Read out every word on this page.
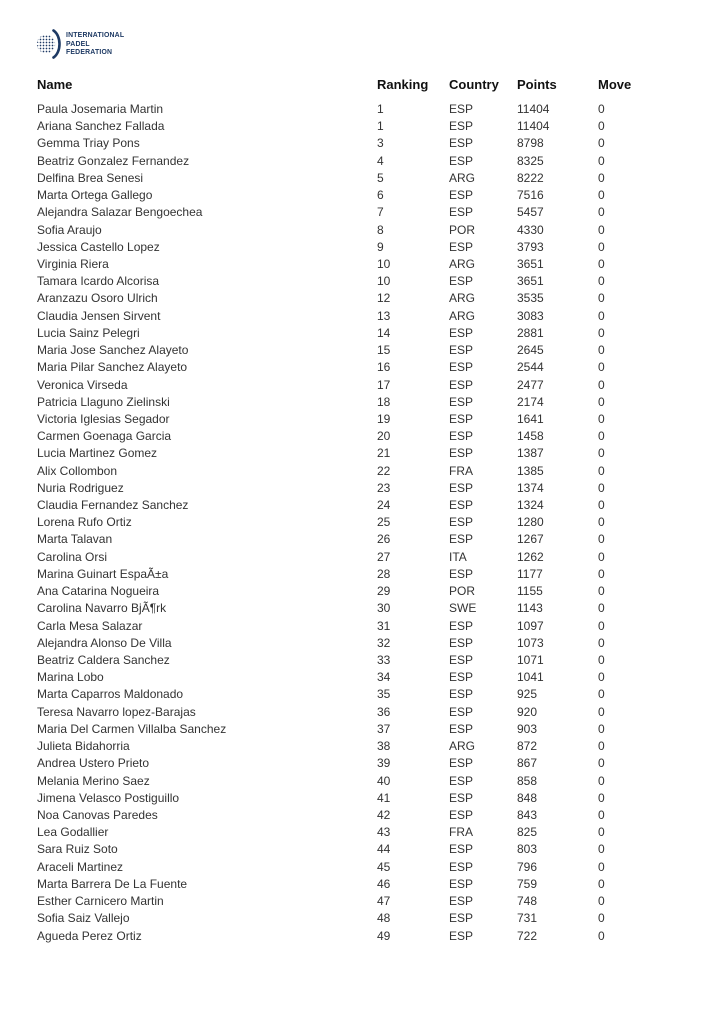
INTERNATIONAL
PADEL
FEDERATION
Name	Ranking	Country	Points	Move
Paula Josemaria Martin	1	ESP	11404	0
Ariana Sanchez Fallada	1	ESP	11404	0
Gemma Triay Pons	3	ESP	8798	0
Beatriz Gonzalez Fernandez	4	ESP	8325	0
Delfina Brea Senesi	5	ARG	8222	0
Marta Ortega Gallego	6	ESP	7516	0
Alejandra Salazar Bengoechea	7	ESP	5457	0
Sofia Araujo	8	POR	4330	0
Jessica Castello Lopez	9	ESP	3793	0
Virginia Riera	10	ARG	3651	0
Tamara Icardo Alcorisa	10	ESP	3651	0
Aranzazu Osoro Ulrich	12	ARG	3535	0
Claudia Jensen Sirvent	13	ARG	3083	0
Lucia Sainz Pelegri	14	ESP	2881	0
Maria Jose Sanchez Alayeto	15	ESP	2645	0
Maria Pilar Sanchez Alayeto	16	ESP	2544	0
Veronica Virseda	17	ESP	2477	0
Patricia Llaguno Zielinski	18	ESP	2174	0
Victoria Iglesias Segador	19	ESP	1641	0
Carmen Goenaga Garcia	20	ESP	1458	0
Lucia Martinez Gomez	21	ESP	1387	0
Alix Collombon	22	FRA	1385	0
Nuria Rodriguez	23	ESP	1374	0
Claudia Fernandez Sanchez	24	ESP	1324	0
Lorena Rufo Ortiz	25	ESP	1280	0
Marta Talavan	26	ESP	1267	0
Carolina Orsi	27	ITA	1262	0
Marina Guinart EspaÃ±a	28	ESP	1177	0
Ana Catarina Nogueira	29	POR	1155	0
Carolina Navarro BjÃ¶rk	30	SWE	1143	0
Carla Mesa Salazar	31	ESP	1097	0
Alejandra Alonso De Villa	32	ESP	1073	0
Beatriz Caldera Sanchez	33	ESP	1071	0
Marina Lobo	34	ESP	1041	0
Marta Caparros Maldonado	35	ESP	925	0
Teresa Navarro lopez-Barajas	36	ESP	920	0
Maria Del Carmen Villalba Sanchez	37	ESP	903	0
Julieta Bidahorria	38	ARG	872	0
Andrea Ustero Prieto	39	ESP	867	0
Melania Merino Saez	40	ESP	858	0
Jimena Velasco Postiguillo	41	ESP	848	0
Noa Canovas Paredes	42	ESP	843	0
Lea Godallier	43	FRA	825	0
Sara Ruiz Soto	44	ESP	803	0
Araceli Martinez	45	ESP	796	0
Marta Barrera De La Fuente	46	ESP	759	0
Esther Carnicero Martin	47	ESP	748	0
Sofia Saiz Vallejo	48	ESP	731	0
Agueda Perez Ortiz	49	ESP	722	0
